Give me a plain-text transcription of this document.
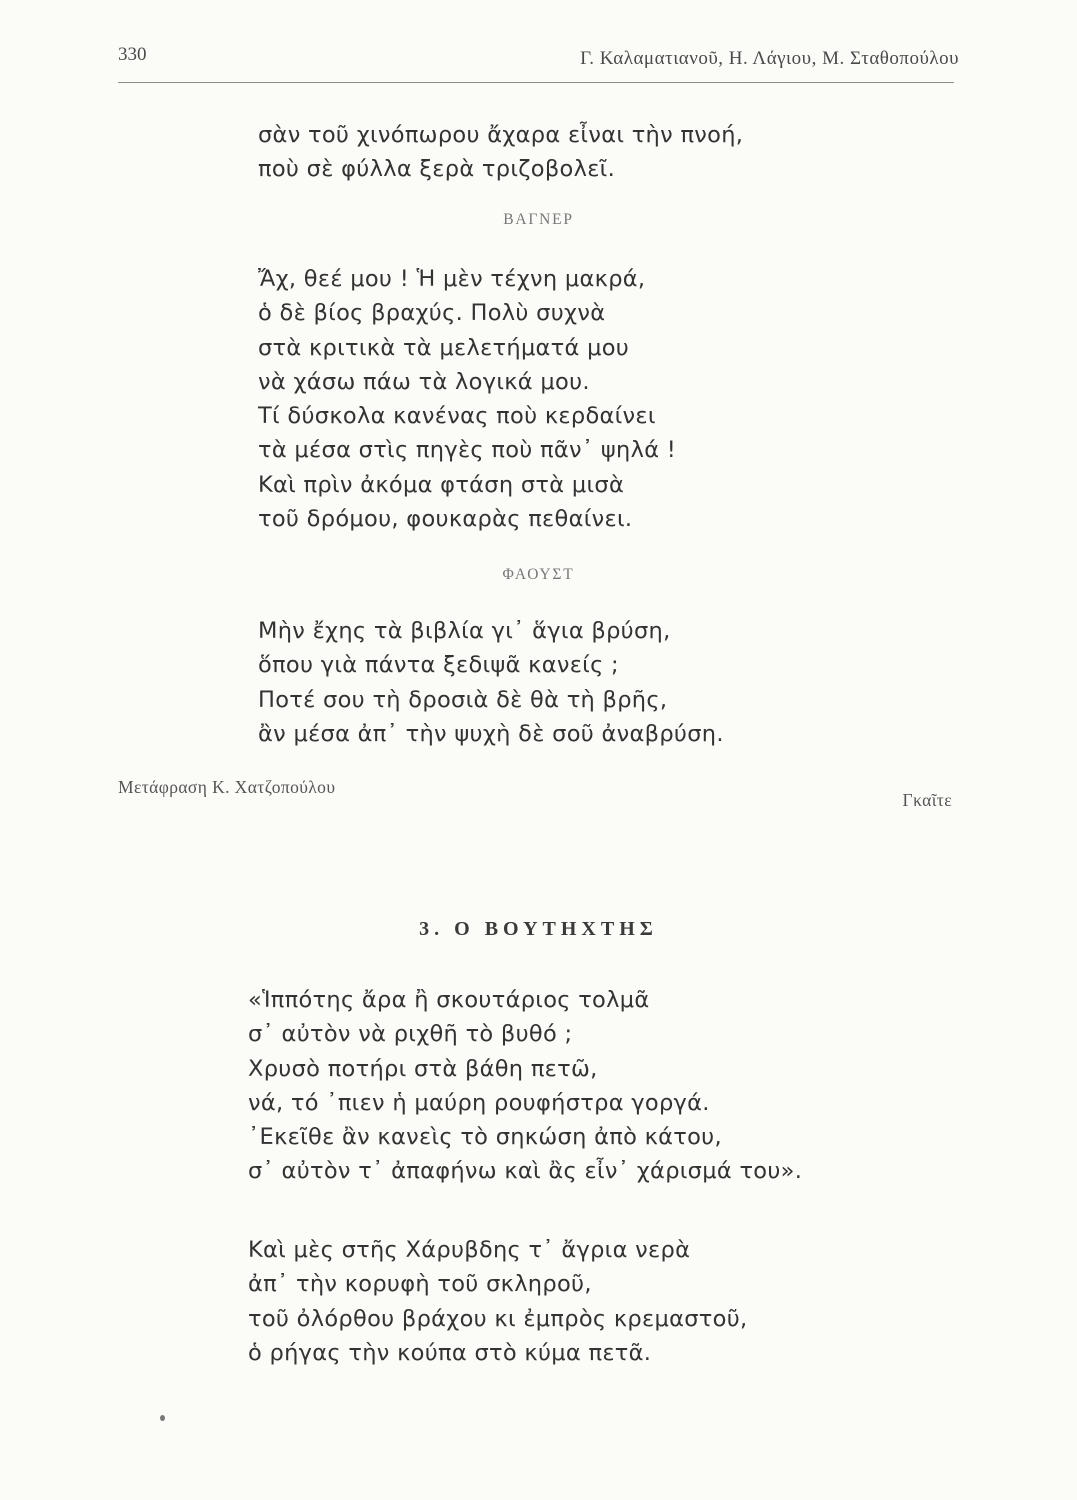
330	Γ. Καλαματιανοῦ, Η. Λάγιου, Μ. Σταθοπούλου
σὰν τοῦ χινόπωρου ἄχαρα εἶναι τὴν πνοή,
ποὺ σὲ φύλλα ξερὰ τριζοβολεῖ.
ΒΑΓΝΕΡ
Ἄχ, θεέ μου ! Ἡ μὲν τέχνη μακρά,
ὁ δὲ βίος βραχύς. Πολὺ συχνὰ
στὰ κριτικὰ τὰ μελετήματά μου
νὰ χάσω πάω τὰ λογικά μου.
Τί δύσκολα κανένας ποὺ κερδαίνει
τὰ μέσα στὶς πηγὲς ποὺ πᾶν᾿ ψηλά !
Καὶ πρὶν ἀκόμα φτάση στὰ μισὰ
τοῦ δρόμου, φουκαρὰς πεθαίνει.
ΦΑΟΥΣΤ
Μὴν ἔχης τὰ βιβλία γι᾿ ἅγια βρύση,
ὅπου γιὰ πάντα ξεδιψᾶ κανείς ;
Ποτέ σου τὴ δροσιὰ δὲ θὰ τὴ βρῆς,
ἂν μέσα ἀπ᾿ τὴν ψυχὴ δὲ σοῦ ἀναβρύση.
Μετάφραση Κ. Χατζοπούλου
Γκαῖτε
3. Ο ΒΟΥΤΗΧΤΗΣ
«Ἱππότης ἄρα ἢ σκουτάριος τολμᾶ
σ᾿ αὐτὸν νὰ ριχθῆ τὸ βυθό ;
Χρυσὸ ποτήρι στὰ βάθη πετῶ,
νά, τό ᾿πιεν ἡ μαύρη ρουφήστρα γοργά.
᾿Εκεῖθε ἂν κανεὶς τὸ σηκώση ἀπὸ κάτου,
σ᾿ αὐτὸν τ᾿ ἀπαφήνω καὶ ἂς εἶν᾿ χάρισμά του».
Καὶ μὲς στῆς Χάρυβδης τ᾿ ἄγρια νερὰ
ἀπ᾿ τὴν κορυφὴ τοῦ σκληροῦ,
τοῦ ὀλόρθου βράχου κι ἐμπρὸς κρεμαστοῦ,
ὁ ρήγας τὴν κούπα στὸ κύμα πετᾶ.
